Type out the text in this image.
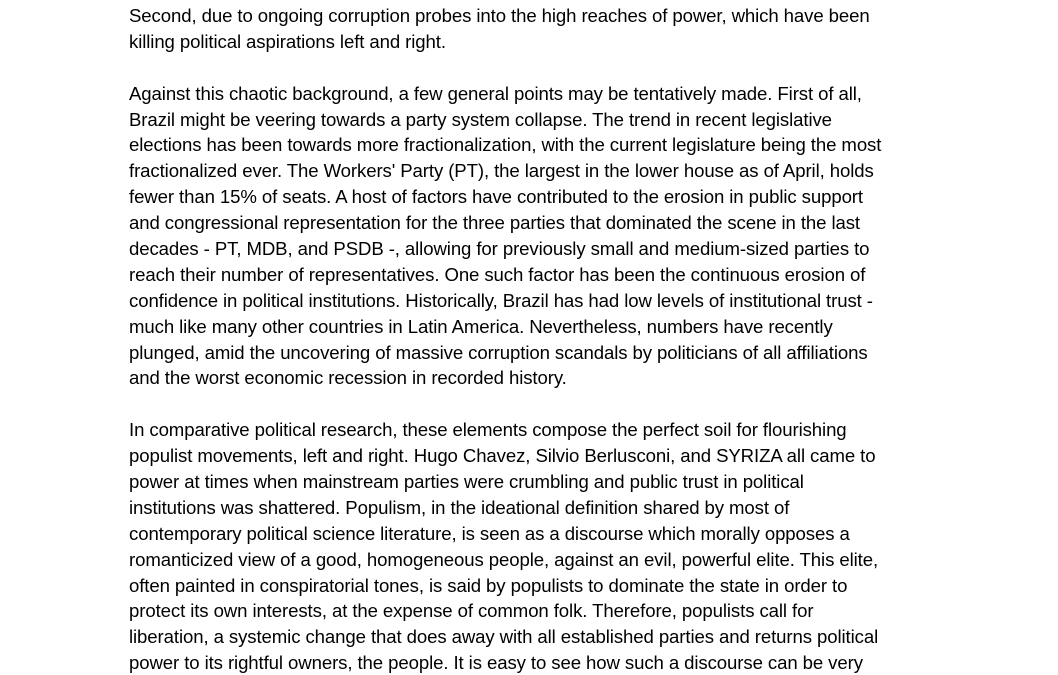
Second, due to ongoing corruption probes into the high reaches of power, which have been
killing political aspirations left and right.
Against this chaotic background, a few general points may be tentatively made. First of all,
Brazil might be veering towards a party system collapse. The trend in recent legislative
elections has been towards more fractionalization, with the current legislature being the most
fractionalized ever. The Workers' Party (PT), the largest in the lower house as of April, holds
fewer than 15% of seats. A host of factors have contributed to the erosion in public support
and congressional representation for the three parties that dominated the scene in the last
decades - PT, MDB, and PSDB -, allowing for previously small and medium-sized parties to
reach their number of representatives. One such factor has been the continuous erosion of
confidence in political institutions. Historically, Brazil has had low levels of institutional trust -
much like many other countries in Latin America. Nevertheless, numbers have recently
plunged, amid the uncovering of massive corruption scandals by politicians of all affiliations
and the worst economic recession in recorded history.
In comparative political research, these elements compose the perfect soil for flourishing
populist movements, left and right. Hugo Chavez, Silvio Berlusconi, and SYRIZA all came to
power at times when mainstream parties were crumbling and public trust in political
institutions was shattered. Populism, in the ideational definition shared by most of
contemporary political science literature, is seen as a discourse which morally opposes a
romanticized view of a good, homogeneous people, against an evil, powerful elite. This elite,
often painted in conspiratorial tones, is said by populists to dominate the state in order to
protect its own interests, at the expense of common folk. Therefore, populists call for
liberation, a systemic change that does away with all established parties and returns political
power to its rightful owners, the people. It is easy to see how such a discourse can be very
